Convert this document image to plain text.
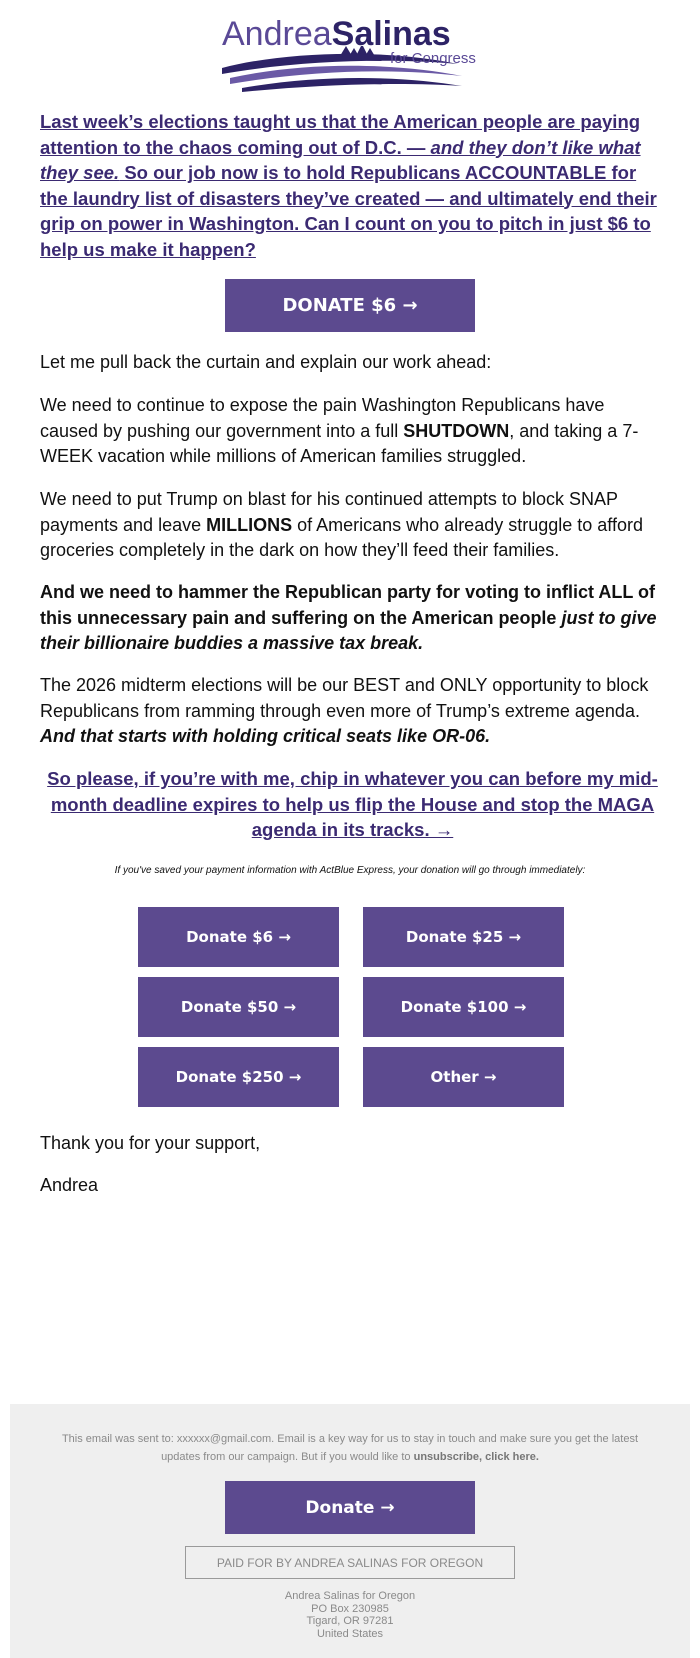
AndreaSalinas
for Congress
Last week’s elections taught us that the American people are paying attention to the chaos coming out of D.C. — and they don’t like what they see. So our job now is to hold Republicans ACCOUNTABLE for the laundry list of disasters they’ve created — and ultimately end their grip on power in Washington. Can I count on you to pitch in just $6 to help us make it happen?
DONATE $6 →

Let me pull back the curtain and explain our work ahead:

We need to continue to expose the pain Washington Republicans have caused by pushing our government into a full SHUTDOWN, and taking a 7-WEEK vacation while millions of American families struggled.

We need to put Trump on blast for his continued attempts to block SNAP payments and leave MILLIONS of Americans who already struggle to afford groceries completely in the dark on how they’ll feed their families.

And we need to hammer the Republican party for voting to inflict ALL of this unnecessary pain and suffering on the American people just to give their billionaire buddies a massive tax break.

The 2026 midterm elections will be our BEST and ONLY opportunity to block Republicans from ramming through even more of Trump’s extreme agenda. And that starts with holding critical seats like OR-06.

So please, if you’re with me, chip in whatever you can before my mid-month deadline expires to help us flip the House and stop the MAGA agenda in its tracks. →
If you've saved your payment information with ActBlue Express, your donation will go through immediately:
Donate $6 →	Donate $25 →
Donate $50 →	Donate $100 →
Donate $250 →	Other →

Thank you for your support,

Andrea

This email was sent to: xxxxxx@gmail.com. Email is a key way for us to stay in touch and make sure you get the latest updates from our campaign. But if you would like to unsubscribe, click here.

Donate →
PAID FOR BY ANDREA SALINAS FOR OREGON
Andrea Salinas for Oregon
PO Box 230985
Tigard, OR 97281
United States
